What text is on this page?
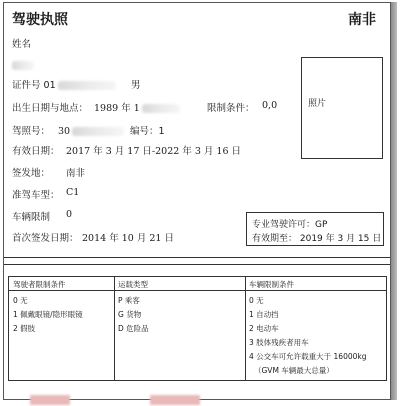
驾驶执照	南非
姓名
证件号 01	男
出生日期与地点： 1989 年 1	限制条件： 0,0
驾照号： 30	编号：1
有效日期： 2017 年 3 月 17 日-2022 年 3 月 16 日
签发地： 南非
准驾车型： C1
车辆限制 0
首次签发日期： 2014 年 10 月 21 日
照片
专业驾驶许可：GP
有效期至： 2019 年 3 月 15 日
驾驶者限制条件
0 无
1 佩戴眼镜/隐形眼镜
2 假肢
运载类型
P 乘客
G 货物
D 危险品
车辆限制条件
0 无
1 自动挡
2 电动车
3 肢体残疾者用车
4 公交车可允许载重大于 16000kg
（GVM 车辆最大总量）
